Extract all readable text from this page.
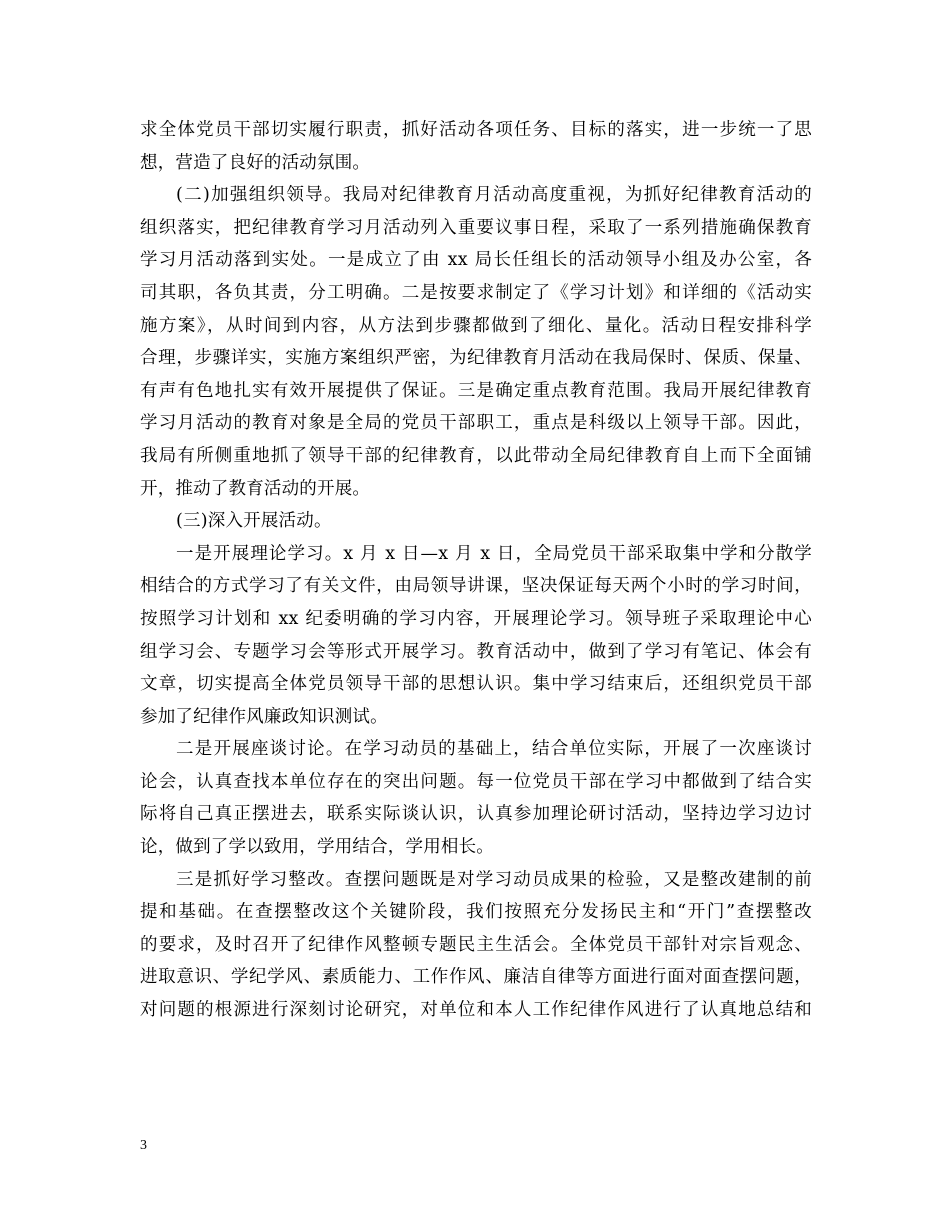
求全体党员干部切实履行职责，抓好活动各项任务、目标的落实，进一步统一了思
想，营造了良好的活动氛围。
(二)加强组织领导。我局对纪律教育月活动高度重视，为抓好纪律教育活动的
组织落实，把纪律教育学习月活动列入重要议事日程，采取了一系列措施确保教育
学习月活动落到实处。一是成立了由 xx 局长任组长的活动领导小组及办公室，各
司其职，各负其责，分工明确。二是按要求制定了《学习计划》和详细的《活动实
施方案》，从时间到内容，从方法到步骤都做到了细化、量化。活动日程安排科学
合理，步骤详实，实施方案组织严密，为纪律教育月活动在我局保时、保质、保量、
有声有色地扎实有效开展提供了保证。三是确定重点教育范围。我局开展纪律教育
学习月活动的教育对象是全局的党员干部职工，重点是科级以上领导干部。因此，
我局有所侧重地抓了领导干部的纪律教育，以此带动全局纪律教育自上而下全面铺
开，推动了教育活动的开展。
(三)深入开展活动。
一是开展理论学习。x 月 x 日—x 月 x 日，全局党员干部采取集中学和分散学
相结合的方式学习了有关文件，由局领导讲课，坚决保证每天两个小时的学习时间，
按照学习计划和 xx 纪委明确的学习内容，开展理论学习。领导班子采取理论中心
组学习会、专题学习会等形式开展学习。教育活动中，做到了学习有笔记、体会有
文章，切实提高全体党员领导干部的思想认识。集中学习结束后，还组织党员干部
参加了纪律作风廉政知识测试。
二是开展座谈讨论。在学习动员的基础上，结合单位实际，开展了一次座谈讨
论会，认真查找本单位存在的突出问题。每一位党员干部在学习中都做到了结合实
际将自己真正摆进去，联系实际谈认识，认真参加理论研讨活动，坚持边学习边讨
论，做到了学以致用，学用结合，学用相长。
三是抓好学习整改。查摆问题既是对学习动员成果的检验，又是整改建制的前
提和基础。在查摆整改这个关键阶段，我们按照充分发扬民主和“开门”查摆整改
的要求，及时召开了纪律作风整顿专题民主生活会。全体党员干部针对宗旨观念、
进取意识、学纪学风、素质能力、工作作风、廉洁自律等方面进行面对面查摆问题，
对问题的根源进行深刻讨论研究，对单位和本人工作纪律作风进行了认真地总结和
3
